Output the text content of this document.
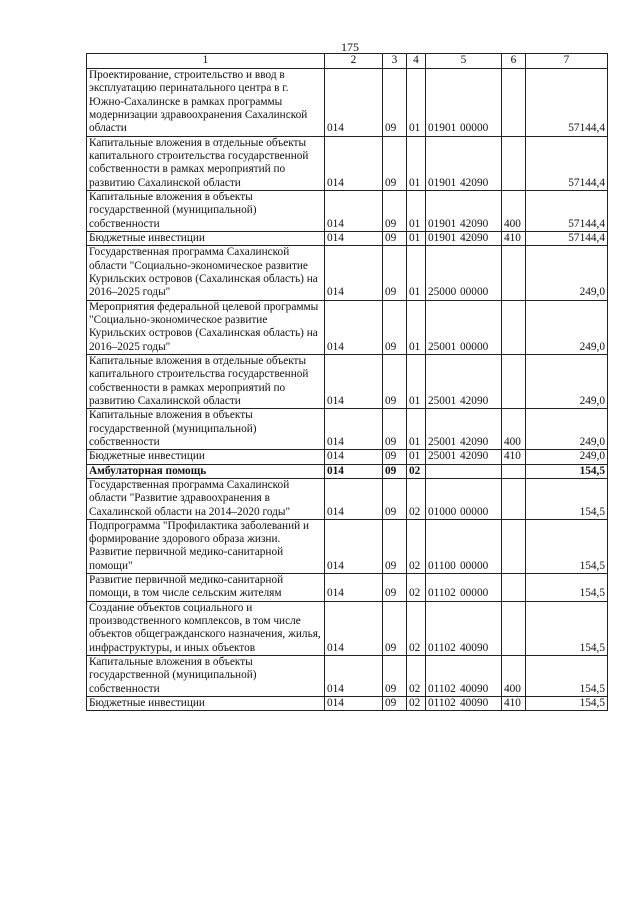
175
1	2	3	4	5	6	7
Проектирование, строительство и ввод в эксплуатацию перинатального центра в г. Южно-Сахалинске в рамках программы модернизации здравоохранения Сахалинской области	014	09	01	01901 00000		57144,4
Капитальные вложения в отдельные объекты капитального строительства государственной собственности в рамках мероприятий по развитию Сахалинской области	014	09	01	01901 42090		57144,4
Капитальные вложения в объекты государственной (муниципальной) собственности	014	09	01	01901 42090	400	57144,4
Бюджетные инвестиции	014	09	01	01901 42090	410	57144,4
Государственная программа Сахалинской области "Социально-экономическое развитие Курильских островов (Сахалинская область) на 2016–2025 годы"	014	09	01	25000 00000		249,0
Мероприятия федеральной целевой программы "Социально-экономическое развитие Курильских островов (Сахалинская область) на 2016–2025 годы"	014	09	01	25001 00000		249,0
Капитальные вложения в отдельные объекты капитального строительства государственной собственности в рамках мероприятий по развитию Сахалинской области	014	09	01	25001 42090		249,0
Капитальные вложения в объекты государственной (муниципальной) собственности	014	09	01	25001 42090	400	249,0
Бюджетные инвестиции	014	09	01	25001 42090	410	249,0
Амбулаторная помощь	014	09	02			154,5
Государственная программа Сахалинской области "Развитие здравоохранения в Сахалинской области на 2014–2020 годы"	014	09	02	01000 00000		154,5
Подпрограмма "Профилактика заболеваний и формирование здорового образа жизни. Развитие первичной медико-санитарной помощи"	014	09	02	01100 00000		154,5
Развитие первичной медико-санитарной помощи, в том числе сельским жителям	014	09	02	01102 00000		154,5
Создание объектов социального и производственного комплексов, в том числе объектов общегражданского назначения, жилья, инфраструктуры, и иных объектов	014	09	02	01102 40090		154,5
Капитальные вложения в объекты государственной (муниципальной) собственности	014	09	02	01102 40090	400	154,5
Бюджетные инвестиции	014	09	02	01102 40090	410	154,5
